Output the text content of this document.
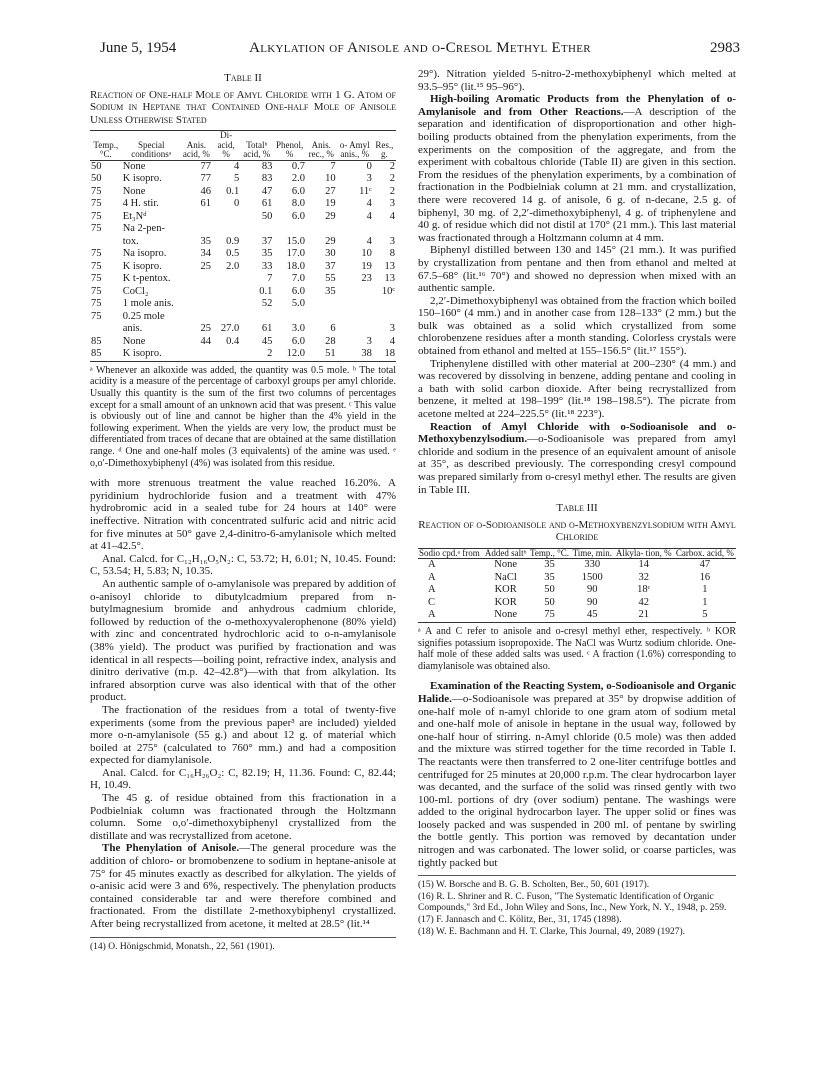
June 5, 1954	Alkylation of Anisole and o-Cresol Methyl Ether	2983
Table II
Reaction of One-half Mole of Amyl Chloride with 1 G. Atom of Sodium in Heptane that Contained One-half Mole of Anisole Unless Otherwise Stated
Temp., °C.	Special conditionsᵃ	Anis. acid, %	Di- acid, %	Totalᵇ acid, %	Phenol, %	Anis. rec., %	o- Amyl anis., %	Res., g.
50	None	77	4	83	0.7	7	0	2
50	K isopro.	77	5	83	2.0	10	3	2
75	None	46	0.1	47	6.0	27	11ᶜ	2
75	4 H. stir.	61	0	61	8.0	19	4	3
75	Et₃Nᵈ			50	6.0	29	4	4
75	Na 2-pen-							
	tox.	35	0.9	37	15.0	29	4	3
75	Na isopro.	34	0.5	35	17.0	30	10	8
75	K isopro.	25	2.0	33	18.0	37	19	13
75	K t-pentox.			7	7.0	55	23	13
75	CoCl₂			0.1	6.0	35		10ᶜ
75	1 mole anis.			52	5.0			
75	0.25 mole							
	anis.	25	27.0	61	3.0	6		3
85	None	44	0.4	45	6.0	28	3	4
85	K isopro.			2	12.0	51	38	18
ᵃ Whenever an alkoxide was added, the quantity was 0.5 mole. ᵇ The total acidity is a measure of the percentage of carboxyl groups per amyl chloride. Usually this quantity is the sum of the first two columns of percentages except for a small amount of an unknown acid that was present. ᶜ This value is obviously out of line and cannot be higher than the 4% yield in the following experiment. When the yields are very low, the product must be differentiated from traces of decane that are obtained at the same distillation range. ᵈ One and one-half moles (3 equivalents) of the amine was used. ᵉ o,o′-Dimethoxybiphenyl (4%) was isolated from this residue.

with more strenuous treatment the value reached 16.20%. A pyridinium hydrochloride fusion and a treatment with 47% hydrobromic acid in a sealed tube for 24 hours at 140° were ineffective. Nitration with concentrated sulfuric acid and nitric acid for five minutes at 50° gave 2,4-dinitro-6-amylanisole which melted at 41–42.5°.

Anal. Calcd. for C₁₂H₁₆O₅N₂: C, 53.72; H, 6.01; N, 10.45. Found: C, 53.54; H, 5.83; N, 10.35.

An authentic sample of o-amylanisole was prepared by addition of o-anisoyl chloride to dibutylcadmium prepared from n-butylmagnesium bromide and anhydrous cadmium chloride, followed by reduction of the o-methoxyvalerophenone (80% yield) with zinc and concentrated hydrochloric acid to o-n-amylanisole (38% yield). The product was purified by fractionation and was identical in all respects—boiling point, refractive index, analysis and dinitro derivative (m.p. 42–42.8°)—with that from alkylation. Its infrared absorption curve was also identical with that of the other product.

The fractionation of the residues from a total of twenty-five experiments (some from the previous paper³ are included) yielded more o-n-amylanisole (55 g.) and about 12 g. of material which boiled at 275° (calculated to 760° mm.) and had a composition expected for diamylanisole.

Anal. Calcd. for C₁₆H₂₆O₂: C, 82.19; H, 11.36. Found: C, 82.44; H, 10.49.

The 45 g. of residue obtained from this fractionation in a Podbielniak column was fractionated through the Holtzmann column. Some o,o′-dimethoxybiphenyl crystallized from the distillate and was recrystallized from acetone.

The Phenylation of Anisole.—The general procedure was the addition of chloro- or bromobenzene to sodium in heptane-anisole at 75° for 45 minutes exactly as described for alkylation. The yields of o-anisic acid were 3 and 6%, respectively. The phenylation products contained considerable tar and were therefore combined and fractionated. From the distillate 2-methoxybiphenyl crystallized. After being recrystallized from acetone, it melted at 28.5° (lit.¹⁴

(14) O. Hönigschmid, Monatsh., 22, 561 (1901).

29°). Nitration yielded 5-nitro-2-methoxybiphenyl which melted at 93.5–95° (lit.¹⁵ 95–96°).

High-boiling Aromatic Products from the Phenylation of o-Amylanisole and from Other Reactions.—A description of the separation and identification of disproportionation and other high-boiling products obtained from the phenylation experiments, from the experiments on the composition of the aggregate, and from the experiment with cobaltous chloride (Table II) are given in this section. From the residues of the phenylation experiments, by a combination of fractionation in the Podbielniak column at 21 mm. and crystallization, there were recovered 14 g. of anisole, 6 g. of n-decane, 2.5 g. of biphenyl, 30 mg. of 2,2′-dimethoxybiphenyl, 4 g. of triphenylene and 40 g. of residue which did not distil at 170° (21 mm.). This last material was fractionated through a Holtzmann column at 4 mm.

Biphenyl distilled between 130 and 145° (21 mm.). It was purified by crystallization from pentane and then from ethanol and melted at 67.5–68° (lit.¹⁶ 70°) and showed no depression when mixed with an authentic sample.

2,2′-Dimethoxybiphenyl was obtained from the fraction which boiled 150–160° (4 mm.) and in another case from 128–133° (2 mm.) but the bulk was obtained as a solid which crystallized from some chlorobenzene residues after a month standing. Colorless crystals were obtained from ethanol and melted at 155–156.5° (lit.¹⁷ 155°).

Triphenylene distilled with other material at 200–230° (4 mm.) and was recovered by dissolving in benzene, adding pentane and cooling in a bath with solid carbon dioxide. After being recrystallized from benzene, it melted at 198–199° (lit.¹⁸ 198–198.5°). The picrate from acetone melted at 224–225.5° (lit.¹⁸ 223°).

Reaction of Amyl Chloride with o-Sodioanisole and o-Methoxybenzylsodium.—o-Sodioanisole was prepared from amyl chloride and sodium in the presence of an equivalent amount of anisole at 35°, as described previously. The corresponding cresyl compound was prepared similarly from o-cresyl methyl ether. The results are given in Table III.

Table III
Reaction of o-Sodioanisole and o-Methoxybenzylsodium with Amyl Chloride
Sodio cpd.ᵃ from	Added saltᵇ	Temp., °C.	Time, min.	Alkyla- tion, %	Carbox. acid, %
A	None	35	330	14	47
A	NaCl	35	1500	32	16
A	KOR	50	90	18ᶜ	1
C	KOR	50	90	42	1
A	None	75	45	21	5
ᵃ A and C refer to anisole and o-cresyl methyl ether, respectively. ᵇ KOR signifies potassium isopropoxide. The NaCl was Wurtz sodium chloride. One-half mole of these added salts was used. ᶜ A fraction (1.6%) corresponding to diamylanisole was obtained also.

Examination of the Reacting System, o-Sodioanisole and Organic Halide.—o-Sodioanisole was prepared at 35° by dropwise addition of one-half mole of n-amyl chloride to one gram atom of sodium metal and one-half mole of anisole in heptane in the usual way, followed by one-half hour of stirring. n-Amyl chloride (0.5 mole) was then added and the mixture was stirred together for the time recorded in Table I. The reactants were then transferred to 2 one-liter centrifuge bottles and centrifuged for 25 minutes at 20,000 r.p.m. The clear hydrocarbon layer was decanted, and the surface of the solid was rinsed gently with two 100-ml. portions of dry (over sodium) pentane. The washings were added to the original hydrocarbon layer. The upper solid or fines was loosely packed and was suspended in 200 ml. of pentane by swirling the bottle gently. This portion was removed by decantation under nitrogen and was carbonated. The lower solid, or coarse particles, was tightly packed but

(15) W. Borsche and B. G. B. Scholten, Ber., 50, 601 (1917).
(16) R. L. Shriner and R. C. Fuson, "The Systematic Identification of Organic Compounds," 3rd Ed., John Wiley and Sons, Inc., New York, N. Y., 1948, p. 259.
(17) F. Jannasch and C. Kölitz, Ber., 31, 1745 (1898).
(18) W. E. Bachmann and H. T. Clarke, This Journal, 49, 2089 (1927).
